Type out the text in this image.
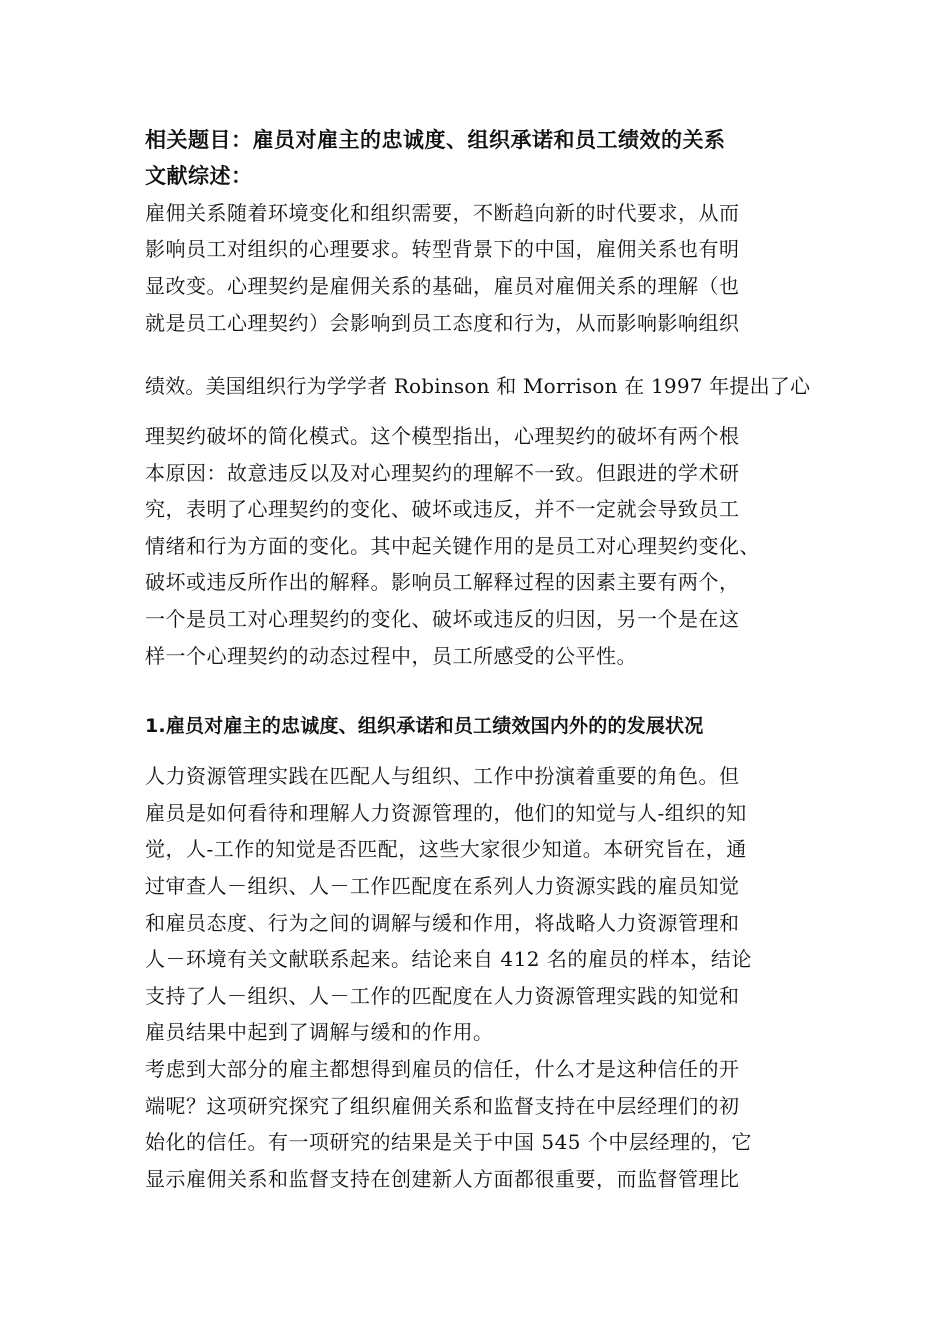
相关题目：雇员对雇主的忠诚度、组织承诺和员工绩效的关系
文献综述：
雇佣关系随着环境变化和组织需要，不断趋向新的时代要求，从而
影响员工对组织的心理要求。转型背景下的中国，雇佣关系也有明
显改变。心理契约是雇佣关系的基础，雇员对雇佣关系的理解（也
就是员工心理契约）会影响到员工态度和行为，从而影响影响组织
绩效。美国组织行为学学者 Robinson 和 Morrison 在 1997 年提出了心
理契约破坏的简化模式。这个模型指出，心理契约的破坏有两个根
本原因：故意违反以及对心理契约的理解不一致。但跟进的学术研
究，表明了心理契约的变化、破坏或违反，并不一定就会导致员工
情绪和行为方面的变化。其中起关键作用的是员工对心理契约变化、
破坏或违反所作出的解释。影响员工解释过程的因素主要有两个，
一个是员工对心理契约的变化、破坏或违反的归因，另一个是在这
样一个心理契约的动态过程中，员工所感受的公平性。
1.雇员对雇主的忠诚度、组织承诺和员工绩效国内外的的发展状况
人力资源管理实践在匹配人与组织、工作中扮演着重要的角色。但
雇员是如何看待和理解人力资源管理的，他们的知觉与人-组织的知
觉，人-工作的知觉是否匹配，这些大家很少知道。本研究旨在，通
过审查人－组织、人－工作匹配度在系列人力资源实践的雇员知觉
和雇员态度、行为之间的调解与缓和作用，将战略人力资源管理和
人－环境有关文献联系起来。结论来自 412 名的雇员的样本，结论
支持了人－组织、人－工作的匹配度在人力资源管理实践的知觉和
雇员结果中起到了调解与缓和的作用。
考虑到大部分的雇主都想得到雇员的信任，什么才是这种信任的开
端呢？这项研究探究了组织雇佣关系和监督支持在中层经理们的初
始化的信任。有一项研究的结果是关于中国 545 个中层经理的，它
显示雇佣关系和监督支持在创建新人方面都很重要，而监督管理比
